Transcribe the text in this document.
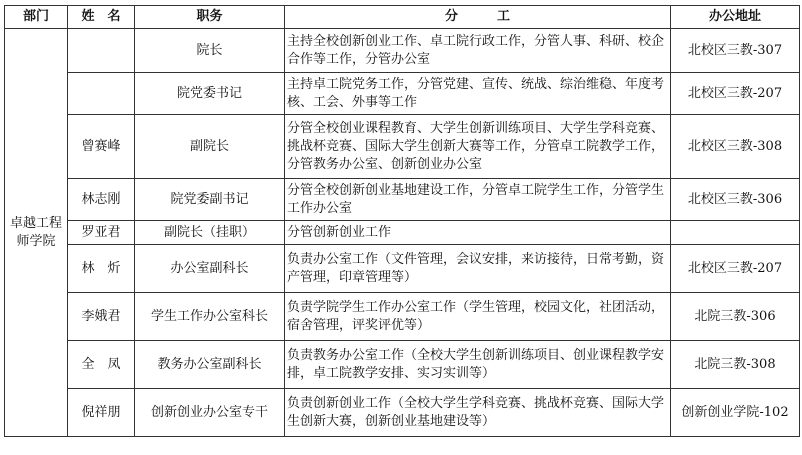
部门	姓　名	职务	分　　　工	办公地址
卓越工程师学院		院长	主持全校创新创业工作、卓工院行政工作，分管人事、科研、校企合作等工作，分管办公室	北校区三教-307
		院党委书记	主持卓工院党务工作，分管党建、宣传、统战、综治维稳、年度考核、工会、外事等工作	北校区三教-207
	曾赛峰	副院长	分管全校创业课程教育、大学生创新训练项目、大学生学科竞赛、挑战杯竞赛、国际大学生创新大赛等工作，分管卓工院教学工作，分管教务办公室、创新创业办公室	北校区三教-308
	林志刚	院党委副书记	分管全校创新创业基地建设工作，分管卓工院学生工作，分管学生工作办公室	北校区三教-306
	罗亚君	副院长（挂职）	分管创新创业工作	
	林　炘	办公室副科长	负责办公室工作（文件管理，会议安排，来访接待，日常考勤，资产管理，印章管理等）	北校区三教-207
	李娥君	学生工作办公室科长	负责学院学生工作办公室工作（学生管理，校园文化，社团活动，宿舍管理，评奖评优等）	北院三教-306
	全　凤	教务办公室副科长	负责教务办公室工作（全校大学生创新训练项目、创业课程教学安排，卓工院教学安排、实习实训等）	北院三教-308
	倪祥朋	创新创业办公室专干	负责创新创业工作（全校大学生学科竞赛、挑战杯竞赛、国际大学生创新大赛，创新创业基地建设等）	创新创业学院-102
